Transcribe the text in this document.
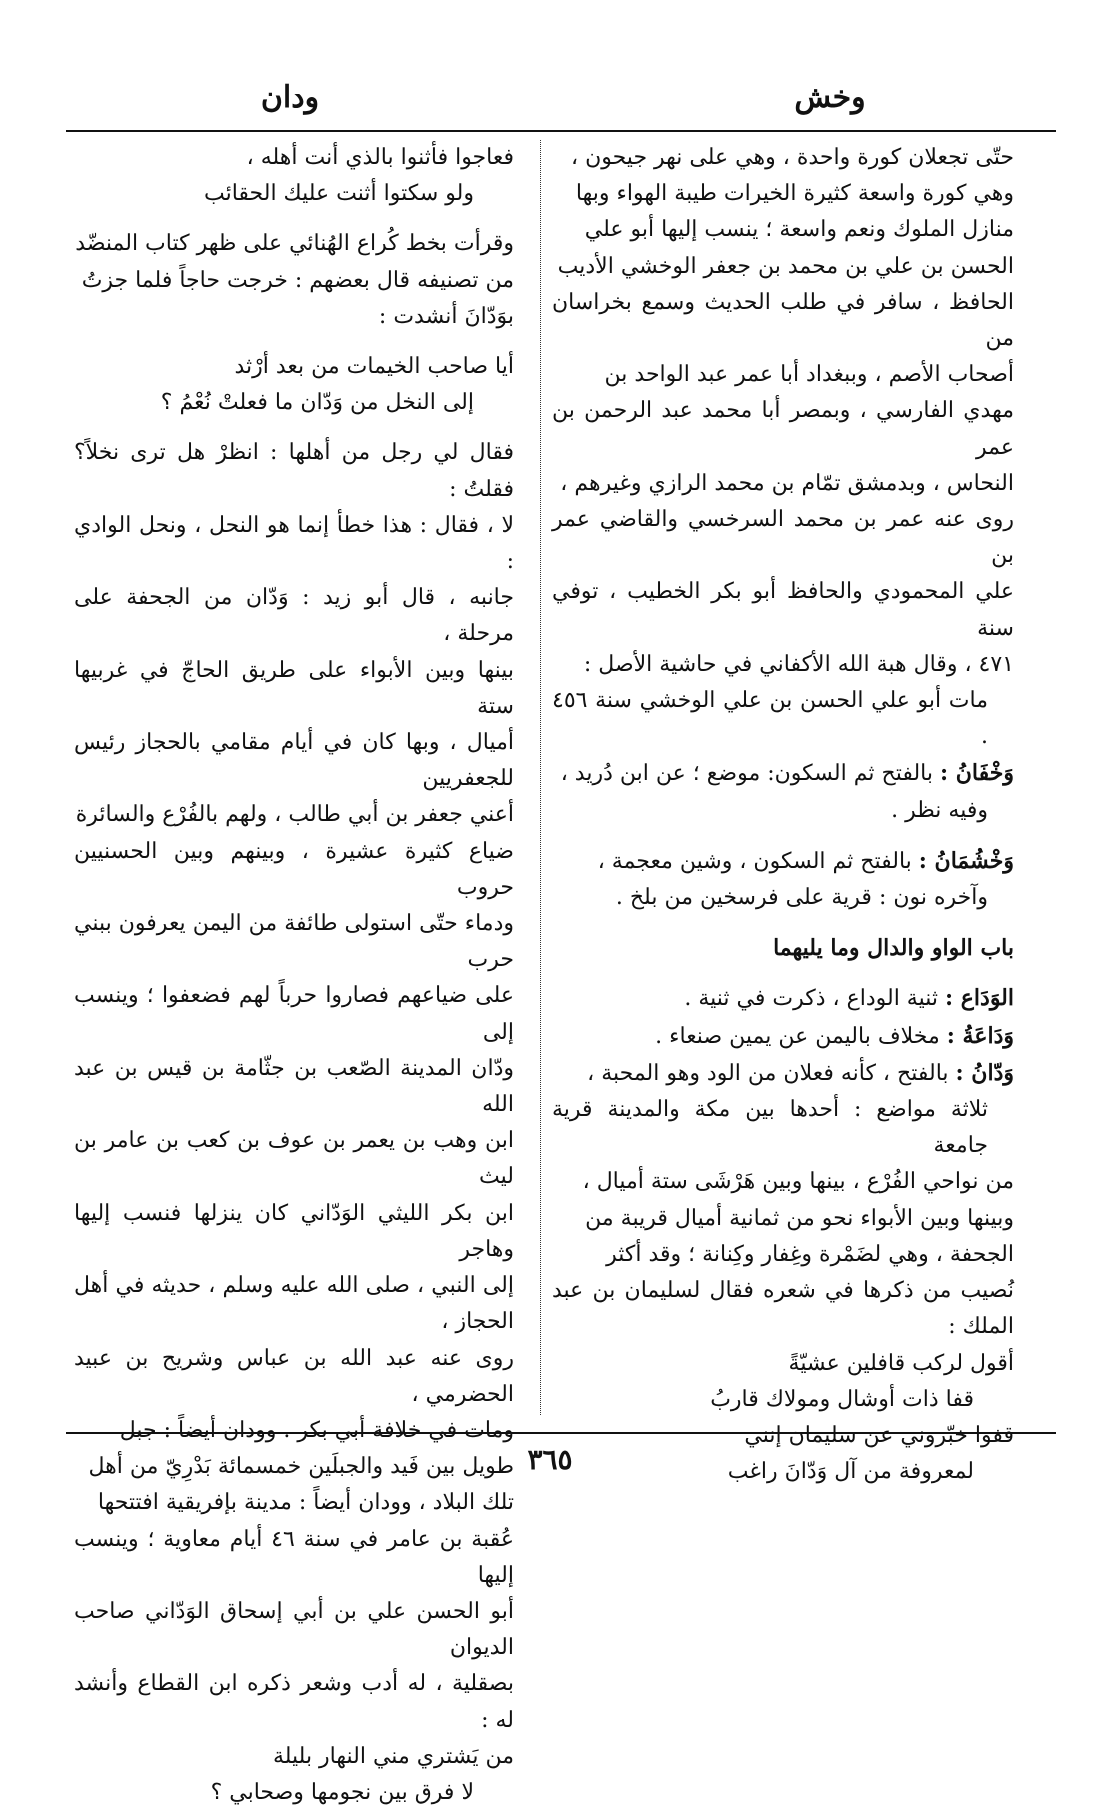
وخش
ودان

حتّى تجعلان كورة واحدة ، وهي على نهر جيحون ،

وهي كورة واسعة كثيرة الخيرات طيبة الهواء وبها

منازل الملوك ونعم واسعة ؛ ينسب إليها أبو علي

الحسن بن علي بن محمد بن جعفر الوخشي الأديب

الحافظ ، سافر في طلب الحديث وسمع بخراسان من

أصحاب الأصم ، وببغداد أبا عمر عبد الواحد بن

مهدي الفارسي ، وبمصر أبا محمد عبد الرحمن بن عمر

النحاس ، وبدمشق تمّام بن محمد الرازي وغيرهم ،

روى عنه عمر بن محمد السرخسي والقاضي عمر بن

علي المحمودي والحافظ أبو بكر الخطيب ، توفي سنة

٤٧١ ، وقال هبة الله الأكفاني في حاشية الأصل :

مات أبو علي الحسن بن علي الوخشي سنة ٤٥٦ .

وَخْفَانُ : بالفتح ثم السكون: موضع ؛ عن ابن دُريد ،

وفيه نظر .

وَخْشُمَانُ : بالفتح ثم السكون ، وشين معجمة ،

وآخره نون : قرية على فرسخين من بلخ .

باب الواو والدال وما يليهما

الوَدَاع : ثنية الوداع ، ذكرت في ثنية .

وَدَاعَةُ : مخلاف باليمن عن يمين صنعاء .

وَدّانُ : بالفتح ، كأنه فعلان من الود وهو المحبة ،

ثلاثة مواضع : أحدها بين مكة والمدينة قرية جامعة

من نواحي الفُرْع ، بينها وبين هَرْشَى ستة أميال ،

وبينها وبين الأبواء نحو من ثمانية أميال قريبة من

الجحفة ، وهي لضَمْرة وغِفار وكِنانة ؛ وقد أكثر

نُصيب من ذكرها في شعره فقال لسليمان بن عبد الملك :

أقول لركب قافلين عشيّةً

قفا ذات أوشال ومولاك قاربُ

قفوا خبّروني عن سليمان إنني

لمعروفة من آل وَدّانَ راغب

فعاجوا فأثنوا بالذي أنت أهله ،

ولو سكتوا أثنت عليك الحقائب

وقرأت بخط كُراع الهُنائي على ظهر كتاب المنضّد

من تصنيفه قال بعضهم : خرجت حاجاً فلما جزتُ

بوَدّانَ أنشدت :

أيا صاحب الخيمات من بعد أرْثد

إلى النخل من وَدّان ما فعلتْ نُعْمُ ؟

فقال لي رجل من أهلها : انظرْ هل ترى نخلاً؟فقلتُ :

لا ، فقال : هذا خطأ إنما هو النحل ، ونحل الوادي :

جانبه ، قال أبو زيد : وَدّان من الجحفة على مرحلة ،

بينها وبين الأبواء على طريق الحاجّ في غربيها ستة

أميال ، وبها كان في أيام مقامي بالحجاز رئيس للجعفريين

أعني جعفر بن أبي طالب ، ولهم بالفُرْع والسائرة

ضياع كثيرة عشيرة ، وبينهم وبين الحسنيين حروب

ودماء حتّى استولى طائفة من اليمن يعرفون ببني حرب

على ضياعهم فصاروا حرباً لهم فضعفوا ؛ وينسب إلى

ودّان المدينة الصّعب بن جثّامة بن قيس بن عبد الله

ابن وهب بن يعمر بن عوف بن كعب بن عامر بن ليث

ابن بكر الليثي الوَدّاني كان ينزلها فنسب إليها وهاجر

إلى النبي ، صلى الله عليه وسلم ، حديثه في أهل الحجاز ،

روى عنه عبد الله بن عباس وشريح بن عبيد الحضرمي ،

ومات في خلافة أبي بكر . وودان أيضاً : جبل

طويل بين فَيد والجبلَين خمسمائة بَدْرِيّ من أهل

تلك البلاد ، وودان أيضاً : مدينة بإفريقية افتتحها

عُقبة بن عامر في سنة ٤٦ أيام معاوية ؛ وينسب إليها

أبو الحسن علي بن أبي إسحاق الوَدّاني صاحب الديوان

بصقلية ، له أدب وشعر ذكره ابن القطاع وأنشد له :

من يَشتري مني النهار بليلة

لا فرق بين نجومها وصحابي ؟

٣٦٥
